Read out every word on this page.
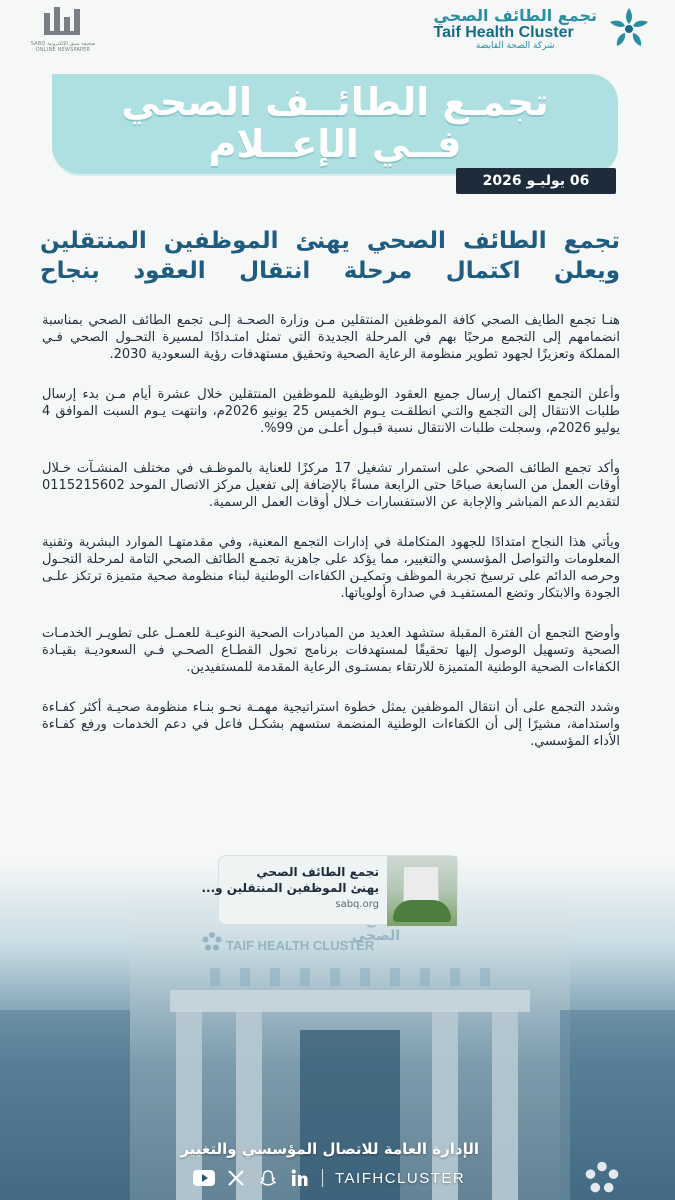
الصحي
TAIF HEALTH CLUSTER
صحيفة سبق الإلكترونية SABQ ONLINE NEWSPAPER
تجمع الطائف الصحي
Taif Health Cluster
شركة الصحة القابضة
تجمـع الطائــف الصحي
فــي الإعــلام
06 يوليـو 2026
تجمع الطائف الصحي يهنئ الموظفين المنتقلين
ويعلن اكتمال مرحلة انتقال العقود بنجاح

هنـا تجمع الطايف الصحي كافة الموظفين المنتقلين مـن وزارة الصحـة إلـى تجمع الطائف الصحي بمناسبة انضمامهم إلى التجمع مرحبًا بهم في المرحلة الجديدة التي تمثل امتـدادًا لمسيرة التحـول الصحي فـي المملكة وتعزيزًا لجهود تطوير منظومة الرعاية الصحية وتحقيق مستهدفات رؤية السعودية 2030.

وأعلن التجمع اكتمال إرسال جميع العقود الوظيفية للموظفين المنتقلين خلال عشرة أيام مـن بدء إرسال طلبات الانتقال إلى التجمع والتـي انطلقـت يـوم الخميس 25 يونيو 2026م، وانتهت يـوم السبت الموافق 4 يوليو 2026م، وسجلت طلبات الانتقال نسبة قبـول أعلـى من 99%.

وأكد تجمع الطائف الصحي على استمرار تشغيل 17 مركزًا للعناية بالموظـف في مختلف المنشـآت خـلال أوقات العمل من السابعة صباحًا حتى الرابعة مساءً بالإضافة إلى تفعيل مركز الاتصال الموحد 0115215602 لتقديم الدعم المباشر والإجابة عن الاستفسارات خـلال أوقات العمل الرسمية.

ويأتي هذا النجاح امتدادًا للجهود المتكاملة في إدارات التجمع المعنية، وفي مقدمتهـا الموارد البشرية وتقنية المعلومات والتواصل المؤسسي والتغيير، مما يؤكد على جاهزية تجمـع الطائف الصحي التامة لمرحلة التحـول وحرصه الدائم على ترسيخ تجربة الموظف وتمكيـن الكفاءات الوطنية لبناء منظومة صحية متميزة ترتكز علـى الجودة والابتكار وتضع المستفيـد في صدارة أولوياتها.

وأوضح التجمع أن الفترة المقبلة ستشهد العديد من المبادرات الصحية النوعيـة للعمـل على تطويـر الخدمـات الصحية وتسهيل الوصول إليها تحقيقًا لمستهدفات برنامج تحول القطـاع الصحـي فـي السعوديـة بقيـادة الكفاءات الصحية الوطنية المتميزة للارتقاء بمستـوى الرعاية المقدمة للمستفيدين.

وشدد التجمع على أن انتقال الموظفين يمثل خطوة استراتيجية مهمـة نحـو بنـاء منظومة صحيـة أكثر كفـاءة واستدامة، مشيرًا إلى أن الكفاءات الوطنية المنضمة ستسهم بشكـل فاعل في دعم الخدمات ورفع كفـاءة الأداء المؤسسي.

تجمع الطائف الصحي
يهنئ الموظفين المنتقلين و...
sabq.org
الإدارة العامة للاتصال المؤسسي والتغيير
TAIFHCLUSTER
